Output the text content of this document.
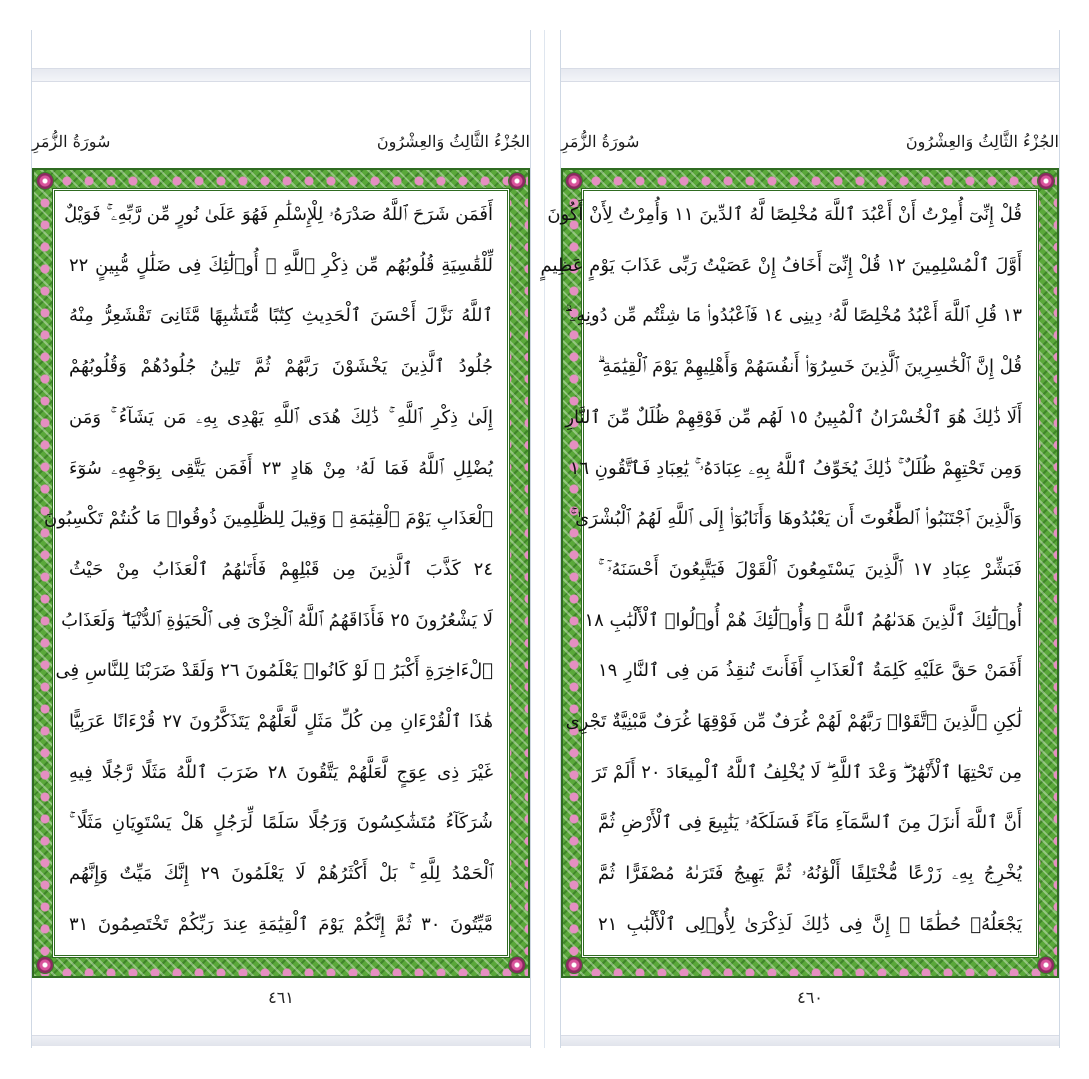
الجُزْءُ الثَّالِثُ وَالعِشْرُونَ
سُورَةُ الزُّمَرِ
أَفَمَن شَرَحَ ٱللَّهُ صَدْرَهُۥ لِلْإِسْلَٰمِ فَهُوَ عَلَىٰ نُورٍ مِّن رَّبِّهِۦ ۚ فَوَيْلٌ
لِّلْقَٰسِيَةِ قُلُوبُهُم مِّن ذِكْرِ ٱللَّهِ ۚ أُو۟لَٰٓئِكَ فِى ضَلَٰلٍ مُّبِينٍ ٢٢
ٱللَّهُ نَزَّلَ أَحْسَنَ ٱلْحَدِيثِ كِتَٰبًا مُّتَشَٰبِهًا مَّثَانِىَ تَقْشَعِرُّ مِنْهُ
جُلُودُ ٱلَّذِينَ يَخْشَوْنَ رَبَّهُمْ ثُمَّ تَلِينُ جُلُودُهُمْ وَقُلُوبُهُمْ
إِلَىٰ ذِكْرِ ٱللَّهِ ۚ ذَٰلِكَ هُدَى ٱللَّهِ يَهْدِى بِهِۦ مَن يَشَآءُ ۚ وَمَن
يُضْلِلِ ٱللَّهُ فَمَا لَهُۥ مِنْ هَادٍ ٢٣ أَفَمَن يَتَّقِى بِوَجْهِهِۦ سُوٓءَ
ٱلْعَذَابِ يَوْمَ ٱلْقِيَٰمَةِ ۚ وَقِيلَ لِلظَّٰلِمِينَ ذُوقُوا۟ مَا كُنتُمْ تَكْسِبُونَ
٢٤ كَذَّبَ ٱلَّذِينَ مِن قَبْلِهِمْ فَأَتَىٰهُمُ ٱلْعَذَابُ مِنْ حَيْثُ
لَا يَشْعُرُونَ ٢٥ فَأَذَاقَهُمُ ٱللَّهُ ٱلْخِزْىَ فِى ٱلْحَيَوٰةِ ٱلدُّنْيَا ۖ وَلَعَذَابُ
ٱلْءَاخِرَةِ أَكْبَرُ ۚ لَوْ كَانُوا۟ يَعْلَمُونَ ٢٦ وَلَقَدْ ضَرَبْنَا لِلنَّاسِ فِى
هَٰذَا ٱلْقُرْءَانِ مِن كُلِّ مَثَلٍ لَّعَلَّهُمْ يَتَذَكَّرُونَ ٢٧ قُرْءَانًا عَرَبِيًّا
غَيْرَ ذِى عِوَجٍ لَّعَلَّهُمْ يَتَّقُونَ ٢٨ ضَرَبَ ٱللَّهُ مَثَلًا رَّجُلًا فِيهِ
شُرَكَآءُ مُتَشَٰكِسُونَ وَرَجُلًا سَلَمًا لِّرَجُلٍ هَلْ يَسْتَوِيَانِ مَثَلًا ۚ
ٱلْحَمْدُ لِلَّهِ ۚ بَلْ أَكْثَرُهُمْ لَا يَعْلَمُونَ ٢٩ إِنَّكَ مَيِّتٌ وَإِنَّهُم
مَّيِّتُونَ ٣٠ ثُمَّ إِنَّكُمْ يَوْمَ ٱلْقِيَٰمَةِ عِندَ رَبِّكُمْ تَخْتَصِمُونَ ٣١
٤٦١
الجُزْءُ الثَّالِثُ وَالعِشْرُونَ
سُورَةُ الزُّمَرِ
قُلْ إِنِّىٓ أُمِرْتُ أَنْ أَعْبُدَ ٱللَّهَ مُخْلِصًا لَّهُ ٱلدِّينَ ١١ وَأُمِرْتُ لِأَنْ أَكُونَ
أَوَّلَ ٱلْمُسْلِمِينَ ١٢ قُلْ إِنِّىٓ أَخَافُ إِنْ عَصَيْتُ رَبِّى عَذَابَ يَوْمٍ عَظِيمٍ
١٣ قُلِ ٱللَّهَ أَعْبُدُ مُخْلِصًا لَّهُۥ دِينِى ١٤ فَٱعْبُدُوا۟ مَا شِئْتُم مِّن دُونِهِۦ ۗ
قُلْ إِنَّ ٱلْخَٰسِرِينَ ٱلَّذِينَ خَسِرُوٓا۟ أَنفُسَهُمْ وَأَهْلِيهِمْ يَوْمَ ٱلْقِيَٰمَةِ ۗ
أَلَا ذَٰلِكَ هُوَ ٱلْخُسْرَانُ ٱلْمُبِينُ ١٥ لَهُم مِّن فَوْقِهِمْ ظُلَلٌ مِّنَ ٱلنَّارِ
وَمِن تَحْتِهِمْ ظُلَلٌ ۚ ذَٰلِكَ يُخَوِّفُ ٱللَّهُ بِهِۦ عِبَادَهُۥ ۚ يَٰعِبَادِ فَٱتَّقُونِ ١٦
وَٱلَّذِينَ ٱجْتَنَبُوا۟ ٱلطَّٰغُوتَ أَن يَعْبُدُوهَا وَأَنَابُوٓا۟ إِلَى ٱللَّهِ لَهُمُ ٱلْبُشْرَىٰ ۚ
فَبَشِّرْ عِبَادِ ١٧ ٱلَّذِينَ يَسْتَمِعُونَ ٱلْقَوْلَ فَيَتَّبِعُونَ أَحْسَنَهُۥٓ ۚ
أُو۟لَٰٓئِكَ ٱلَّذِينَ هَدَىٰهُمُ ٱللَّهُ ۖ وَأُو۟لَٰٓئِكَ هُمْ أُو۟لُوا۟ ٱلْأَلْبَٰبِ ١٨
أَفَمَنْ حَقَّ عَلَيْهِ كَلِمَةُ ٱلْعَذَابِ أَفَأَنتَ تُنقِذُ مَن فِى ٱلنَّارِ ١٩
لَٰكِنِ ٱلَّذِينَ ٱتَّقَوْا۟ رَبَّهُمْ لَهُمْ غُرَفٌ مِّن فَوْقِهَا غُرَفٌ مَّبْنِيَّةٌ تَجْرِى
مِن تَحْتِهَا ٱلْأَنْهَٰرُ ۖ وَعْدَ ٱللَّهِ ۖ لَا يُخْلِفُ ٱللَّهُ ٱلْمِيعَادَ ٢٠ أَلَمْ تَرَ
أَنَّ ٱللَّهَ أَنزَلَ مِنَ ٱلسَّمَآءِ مَآءً فَسَلَكَهُۥ يَنَٰبِيعَ فِى ٱلْأَرْضِ ثُمَّ
يُخْرِجُ بِهِۦ زَرْعًا مُّخْتَلِفًا أَلْوَٰنُهُۥ ثُمَّ يَهِيجُ فَتَرَىٰهُ مُصْفَرًّا ثُمَّ
يَجْعَلُهُۥ حُطَٰمًا ۚ إِنَّ فِى ذَٰلِكَ لَذِكْرَىٰ لِأُو۟لِى ٱلْأَلْبَٰبِ ٢١
٤٦٠
